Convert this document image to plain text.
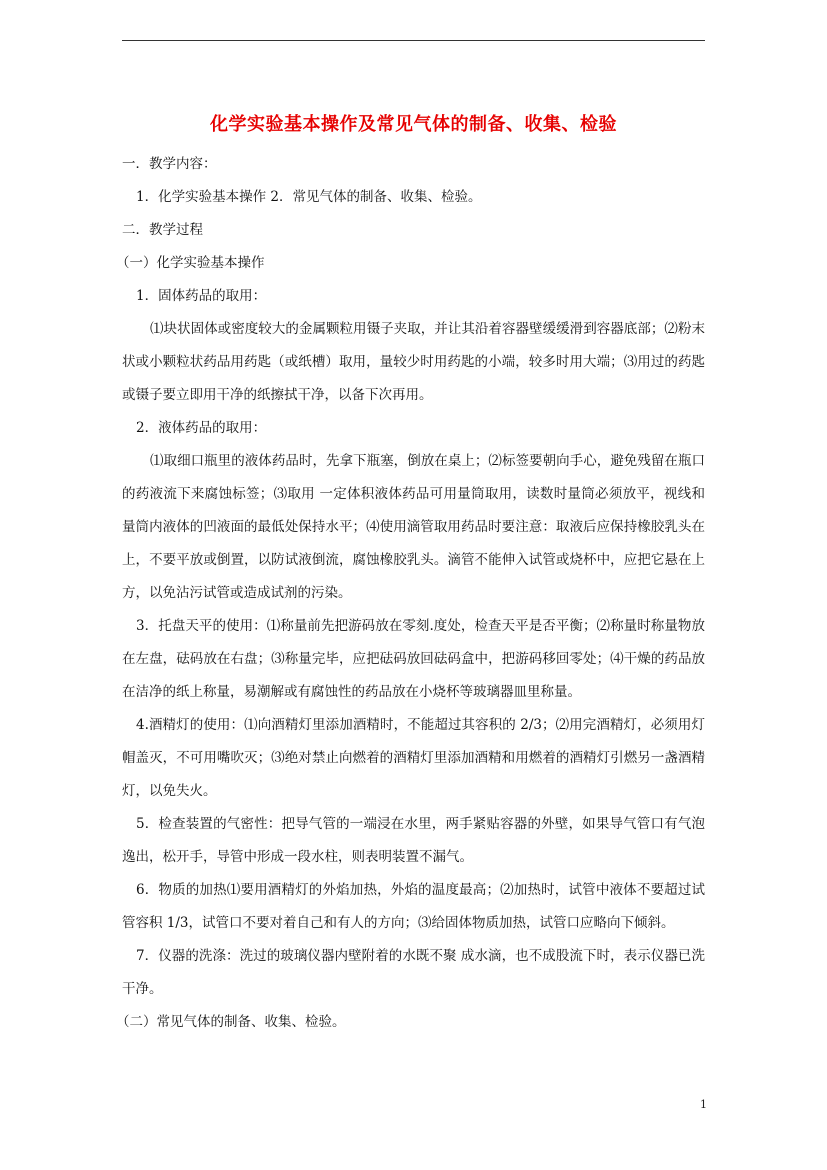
化学实验基本操作及常见气体的制备、收集、检验
一．教学内容：
1．化学实验基本操作 2．常见气体的制备、收集、检验。
二．教学过程
（一）化学实验基本操作
1．固体药品的取用：
⑴块状固体或密度较大的金属颗粒用镊子夹取，并让其沿着容器壁缓缓滑到容器底部；⑵粉末状或小颗粒状药品用药匙（或纸槽）取用，量较少时用药匙的小端，较多时用大端；⑶用过的药匙或镊子要立即用干净的纸擦拭干净，以备下次再用。
2．液体药品的取用：
⑴取细口瓶里的液体药品时，先拿下瓶塞，倒放在桌上；⑵标签要朝向手心，避免残留在瓶口的药液流下来腐蚀标签；⑶取用 一定体积液体药品可用量筒取用，读数时量筒必须放平，视线和量筒内液体的凹液面的最低处保持水平；⑷使用滴管取用药品时要注意：取液后应保持橡胶乳头在上，不要平放或倒置，以防试液倒流，腐蚀橡胶乳头。滴管不能伸入试管或烧杯中，应把它悬在上方，以免沾污试管或造成试剂的污染。
3．托盘天平的使用：⑴称量前先把游码放在零刻.度处，检查天平是否平衡；⑵称量时称量物放在左盘，砝码放在右盘；⑶称量完毕，应把砝码放回砝码盒中，把游码移回零处；⑷干燥的药品放在洁净的纸上称量，易潮解或有腐蚀性的药品放在小烧杯等玻璃器皿里称量。
4.酒精灯的使用：⑴向酒精灯里添加酒精时，不能超过其容积的 2/3；⑵用完酒精灯，必须用灯帽盖灭，不可用嘴吹灭；⑶绝对禁止向燃着的酒精灯里添加酒精和用燃着的酒精灯引燃另一盏酒精灯，以免失火。
5．检查装置的气密性：把导气管的一端浸在水里，两手紧贴容器的外壁，如果导气管口有气泡逸出，松开手，导管中形成一段水柱，则表明装置不漏气。
6．物质的加热⑴要用酒精灯的外焰加热，外焰的温度最高；⑵加热时，试管中液体不要超过试管容积 1/3，试管口不要对着自己和有人的方向；⑶给固体物质加热，试管口应略向下倾斜。
7．仪器的洗涤：洗过的玻璃仪器内壁附着的水既不聚 成水滴，也不成股流下时，表示仪器已洗干净。
（二）常见气体的制备、收集、检验。
1
